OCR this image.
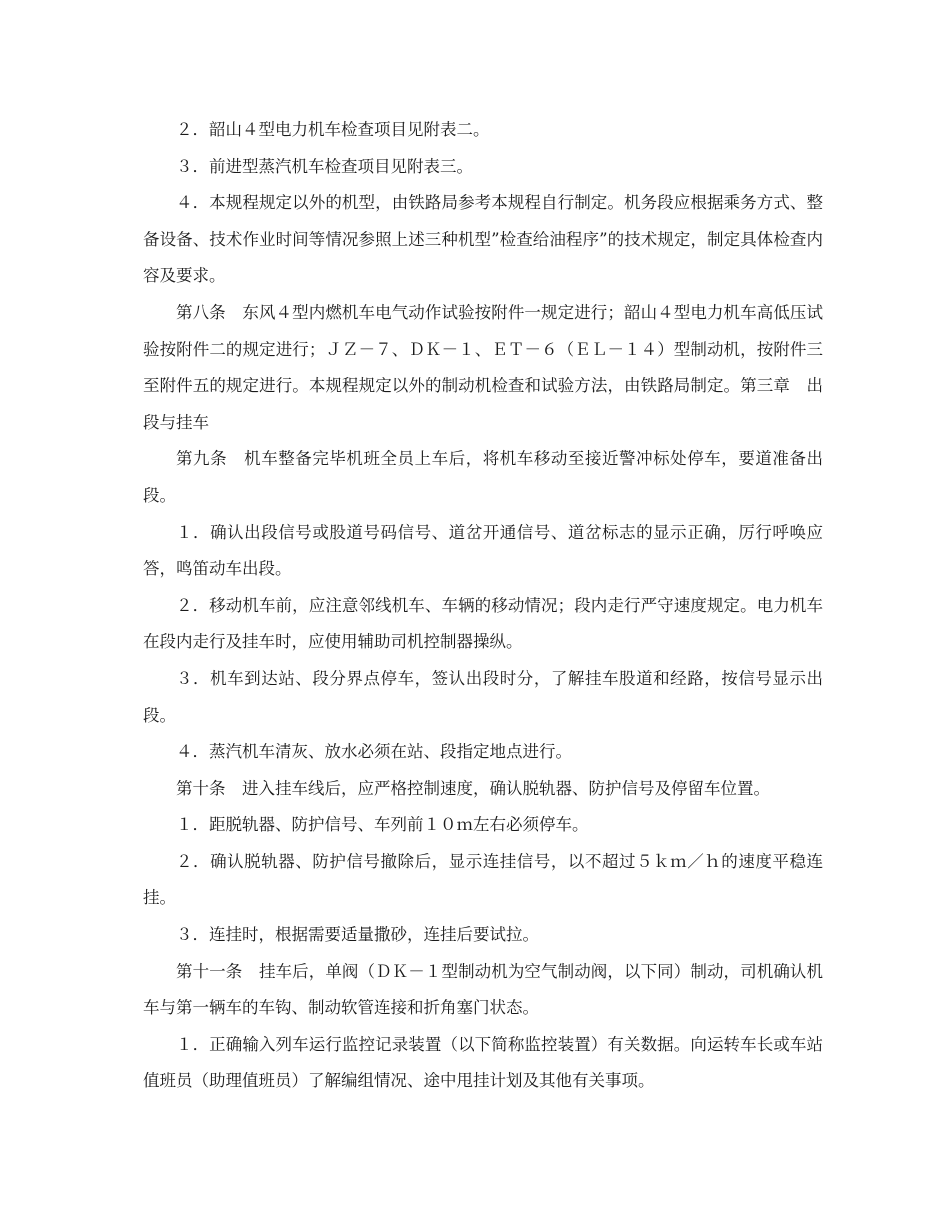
２．韶山４型电力机车检查项目见附表二。

３．前进型蒸汽机车检查项目见附表三。

４．本规程规定以外的机型，由铁路局参考本规程自行制定。机务段应根据乘务方式、整备设备、技术作业时间等情况参照上述三种机型”检查给油程序”的技术规定，制定具体检查内容及要求。

第八条　东风４型内燃机车电气动作试验按附件一规定进行；韶山４型电力机车高低压试验按附件二的规定进行；ＪＺ－７、ＤＫ－１、ＥＴ－６（ＥＬ－１４）型制动机，按附件三至附件五的规定进行。本规程规定以外的制动机检查和试验方法，由铁路局制定。第三章　出段与挂车

第九条　机车整备完毕机班全员上车后，将机车移动至接近警冲标处停车，要道准备出段。

１．确认出段信号或股道号码信号、道岔开通信号、道岔标志的显示正确，厉行呼唤应答，鸣笛动车出段。

２．移动机车前，应注意邻线机车、车辆的移动情况；段内走行严守速度规定。电力机车在段内走行及挂车时，应使用辅助司机控制器操纵。

３．机车到达站、段分界点停车，签认出段时分，了解挂车股道和经路，按信号显示出段。

４．蒸汽机车清灰、放水必须在站、段指定地点进行。

第十条　进入挂车线后，应严格控制速度，确认脱轨器、防护信号及停留车位置。

１．距脱轨器、防护信号、车列前１０ｍ左右必须停车。

２．确认脱轨器、防护信号撤除后，显示连挂信号，以不超过５ｋｍ／ｈ的速度平稳连挂。

３．连挂时，根据需要适量撒砂，连挂后要试拉。

第十一条　挂车后，单阀（ＤＫ－１型制动机为空气制动阀，以下同）制动，司机确认机车与第一辆车的车钩、制动软管连接和折角塞门状态。

１．正确输入列车运行监控记录装置（以下简称监控装置）有关数据。向运转车长或车站值班员（助理值班员）了解编组情况、途中甩挂计划及其他有关事项。
